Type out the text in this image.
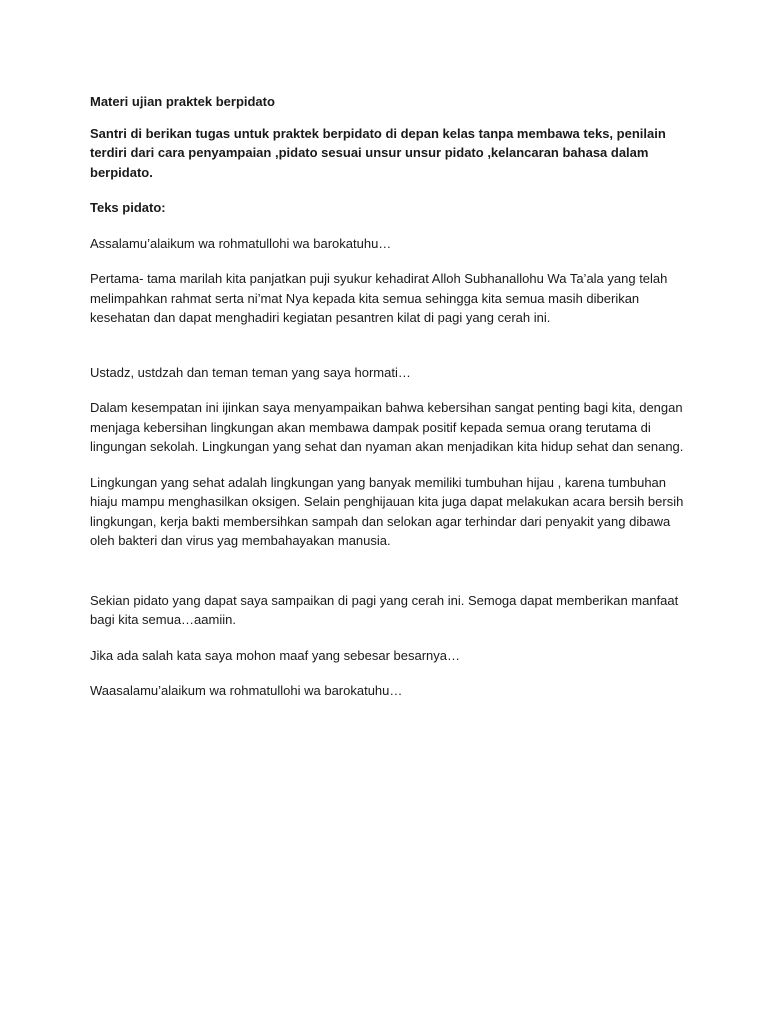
Materi ujian praktek berpidato

Santri di berikan tugas untuk praktek berpidato di depan kelas tanpa membawa teks, penilain terdiri dari cara penyampaian ,pidato sesuai unsur unsur pidato ,kelancaran bahasa dalam berpidato.

Teks pidato:

Assalamu’alaikum wa rohmatullohi wa barokatuhu…

Pertama- tama marilah kita panjatkan puji syukur kehadirat Alloh Subhanallohu Wa Ta’ala yang telah melimpahkan rahmat serta ni’mat Nya kepada kita semua sehingga kita semua masih diberikan kesehatan dan dapat menghadiri kegiatan pesantren kilat di pagi yang cerah ini.

Ustadz, ustdzah dan teman teman yang saya hormati…

Dalam kesempatan ini ijinkan saya menyampaikan bahwa kebersihan sangat penting bagi kita, dengan menjaga kebersihan lingkungan akan membawa dampak positif kepada semua orang terutama di lingungan sekolah. Lingkungan yang sehat dan nyaman akan menjadikan kita hidup sehat dan senang.

Lingkungan yang sehat adalah lingkungan yang banyak memiliki tumbuhan hijau , karena tumbuhan hiaju mampu menghasilkan oksigen. Selain penghijauan kita juga dapat melakukan acara bersih bersih lingkungan, kerja bakti membersihkan sampah dan selokan agar terhindar dari penyakit yang dibawa oleh bakteri dan virus yag membahayakan manusia.

Sekian pidato yang dapat saya sampaikan di pagi yang cerah ini. Semoga dapat memberikan manfaat bagi kita semua…aamiin.

Jika ada salah kata saya mohon maaf yang sebesar besarnya…

Waasalamu’alaikum wa rohmatullohi wa barokatuhu…
